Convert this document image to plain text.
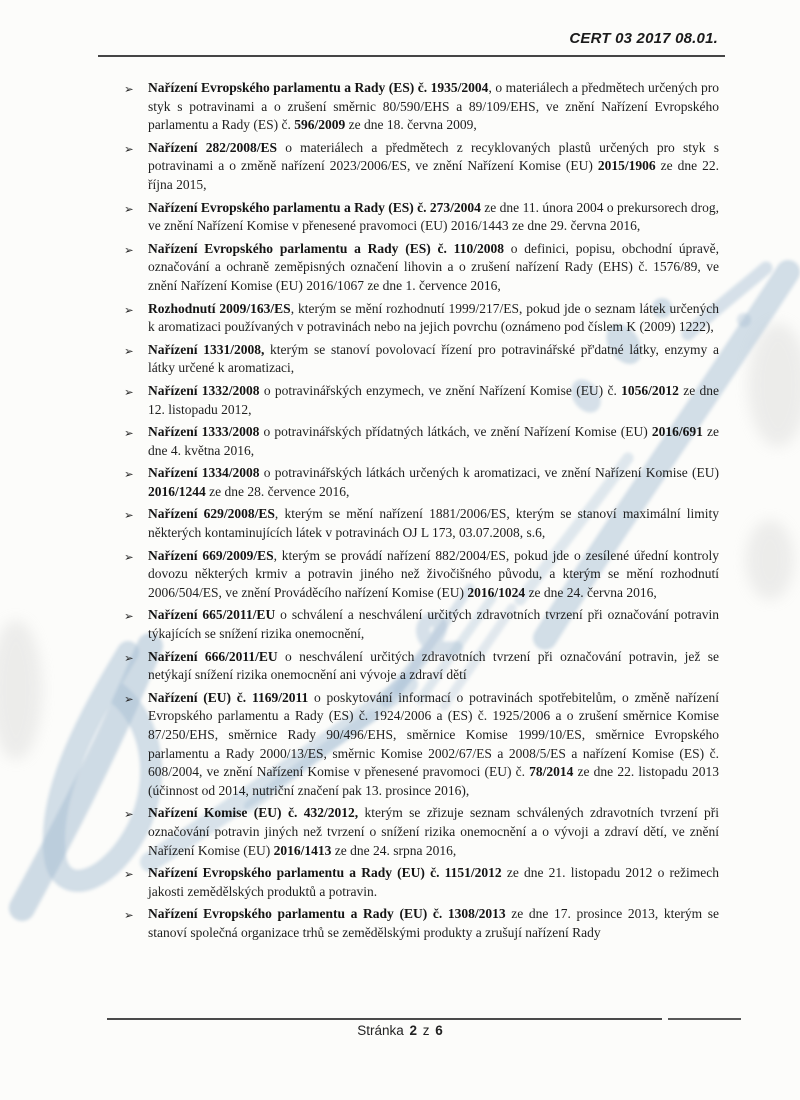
CERT 03 2017 08.01.
➢ Nařízení Evropského parlamentu a Rady (ES) č. 1935/2004, o materiálech a předmětech určených pro styk s potravinami a o zrušení směrnic 80/590/EHS a 89/109/EHS, ve znění Nařízení Evropského parlamentu a Rady (ES) č. 596/2009 ze dne 18. června 2009,
➢ Nařízení 282/2008/ES o materiálech a předmětech z recyklovaných plastů určených pro styk s potravinami a o změně nařízení 2023/2006/ES, ve znění Nařízení Komise (EU) 2015/1906 ze dne 22. října 2015,
➢ Nařízení Evropského parlamentu a Rady (ES) č. 273/2004 ze dne 11. února 2004 o prekursorech drog, ve znění Nařízení Komise v přenesené pravomoci (EU) 2016/1443 ze dne 29. června 2016,
➢ Nařízení Evropského parlamentu a Rady (ES) č. 110/2008 o definici, popisu, obchodní úpravě, označování a ochraně zeměpisných označení lihovin a o zrušení nařízení Rady (EHS) č. 1576/89, ve znění Nařízení Komise (EU) 2016/1067 ze dne 1. července 2016,
➢ Rozhodnutí 2009/163/ES, kterým se mění rozhodnutí 1999/217/ES, pokud jde o seznam látek určených k aromatizaci používaných v potravinách nebo na jejich povrchu (oznámeno pod číslem K (2009) 1222),
➢ Nařízení 1331/2008, kterým se stanoví povolovací řízení pro potravinářské př'datné látky, enzymy a látky určené k aromatizaci,
➢ Nařízení 1332/2008 o potravinářských enzymech, ve znění Nařízení Komise (EU) č. 1056/2012 ze dne 12. listopadu 2012,
➢ Nařízení 1333/2008 o potravinářských přídatných látkách, ve znění Nařízení Komise (EU) 2016/691 ze dne 4. května 2016,
➢ Nařízení 1334/2008 o potravinářských látkách určených k aromatizaci, ve znění Nařízení Komise (EU) 2016/1244 ze dne 28. července 2016,
➢ Nařízení 629/2008/ES, kterým se mění nařízení 1881/2006/ES, kterým se stanoví maximální limity některých kontaminujících látek v potravinách OJ L 173, 03.07.2008, s.6,
➢ Nařízení 669/2009/ES, kterým se provádí nařízení 882/2004/ES, pokud jde o zesílené úřední kontroly dovozu některých krmiv a potravin jiného než živočišného původu, a kterým se mění rozhodnutí 2006/504/ES, ve znění Prováděcího nařízení Komise (EU) 2016/1024 ze dne 24. června 2016,
➢ Nařízení 665/2011/EU o schválení a neschválení určitých zdravotních tvrzení při označování potravin týkajících se snížení rizika onemocnění,
➢ Nařízení 666/2011/EU o neschválení určitých zdravotních tvrzení při označování potravin, jež se netýkají snížení rizika onemocnění ani vývoje a zdraví dětí
➢ Nařízení (EU) č. 1169/2011 o poskytování informací o potravinách spotřebitelům, o změně nařízení Evropského parlamentu a Rady (ES) č. 1924/2006 a (ES) č. 1925/2006 a o zrušení směrnice Komise 87/250/EHS, směrnice Rady 90/496/EHS, směrnice Komise 1999/10/ES, směrnice Evropského parlamentu a Rady 2000/13/ES, směrnic Komise 2002/67/ES a 2008/5/ES a nařízení Komise (ES) č. 608/2004, ve znění Nařízení Komise v přenesené pravomoci (EU) č. 78/2014 ze dne 22. listopadu 2013 (účinnost od 2014, nutriční značení pak 13. prosince 2016),
➢ Nařízení Komise (EU) č. 432/2012, kterým se zřizuje seznam schválených zdravotních tvrzení při označování potravin jiných než tvrzení o snížení rizika onemocnění a o vývoji a zdraví dětí, ve znění Nařízení Komise (EU) 2016/1413 ze dne 24. srpna 2016,
➢ Nařízení Evropského parlamentu a Rady (EU) č. 1151/2012 ze dne 21. listopadu 2012 o režimech jakosti zemědělských produktů a potravin.
➢ Nařízení Evropského parlamentu a Rady (EU) č. 1308/2013 ze dne 17. prosince 2013, kterým se stanoví společná organizace trhů se zemědělskými produkty a zrušují nařízení Rady
Stránka 2 z 6
